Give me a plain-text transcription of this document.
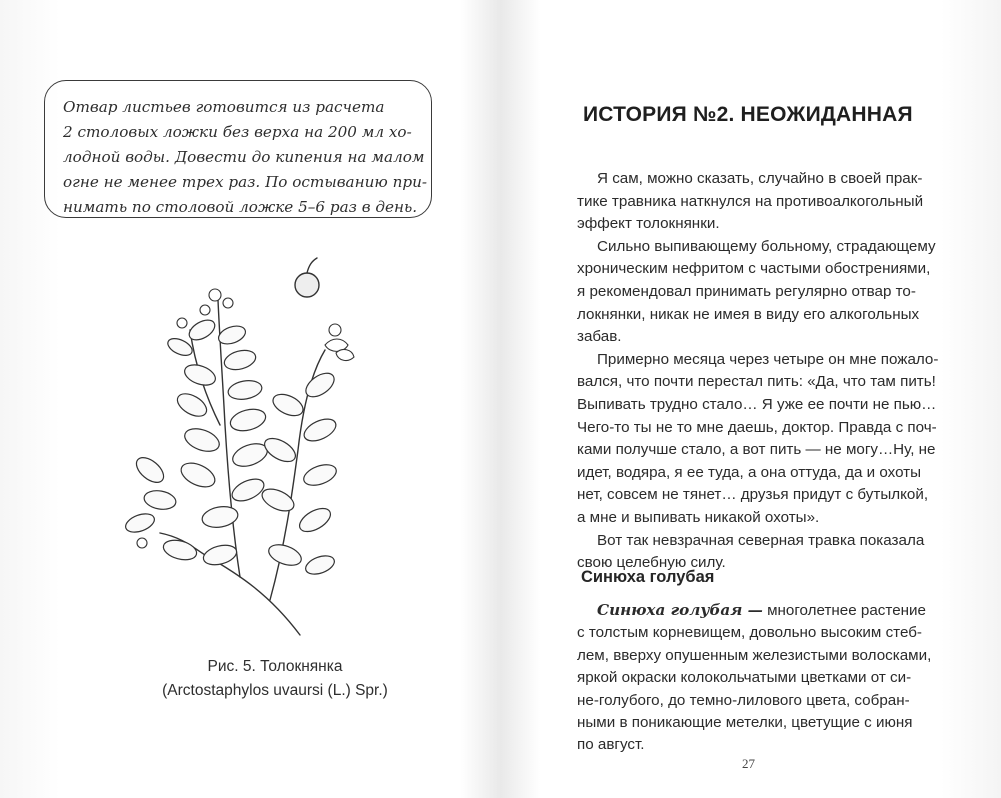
Отвар листьев готовится из расчета
2 столовых ложки без верха на 200 мл хо-
лодной воды. Довести до кипения на малом
огне не менее трех раз. По остыванию при-
нимать по столовой ложке 5–6 раз в день.
Рис. 5. Толокнянка
(Arctostaphylos uvaursi (L.) Spr.)
ИСТОРИЯ №2. НЕОЖИДАННАЯ
Я сам, можно сказать, случайно в своей прак-
тике травника наткнулся на противоалкогольный
эффект толокнянки.
Сильно выпивающему больному, страдающему
хроническим нефритом с частыми обострениями,
я рекомендовал принимать регулярно отвар то-
локнянки, никак не имея в виду его алкогольных
забав.
Примерно месяца через четыре он мне пожало-
вался, что почти перестал пить: «Да, что там пить!
Выпивать трудно стало… Я уже ее почти не пью…
Чего-то ты не то мне даешь, доктор. Правда с поч-
ками получше стало, а вот пить — не могу…Ну, не
идет, водяра, я ее туда, а она оттуда, да и охоты
нет, совсем не тянет… друзья придут с бутылкой,
а мне и выпивать никакой охоты».
Вот так невзрачная северная травка показала
свою целебную силу.
Синюха голубая
Синюха голубая — многолетнее растение
с толстым корневищем, довольно высоким стеб-
лем, вверху опушенным железистыми волосками,
яркой окраски колокольчатыми цветками от си-
не-голубого, до темно-лилового цвета, собран-
ными в поникающие метелки, цветущие с июня
по август.
27
